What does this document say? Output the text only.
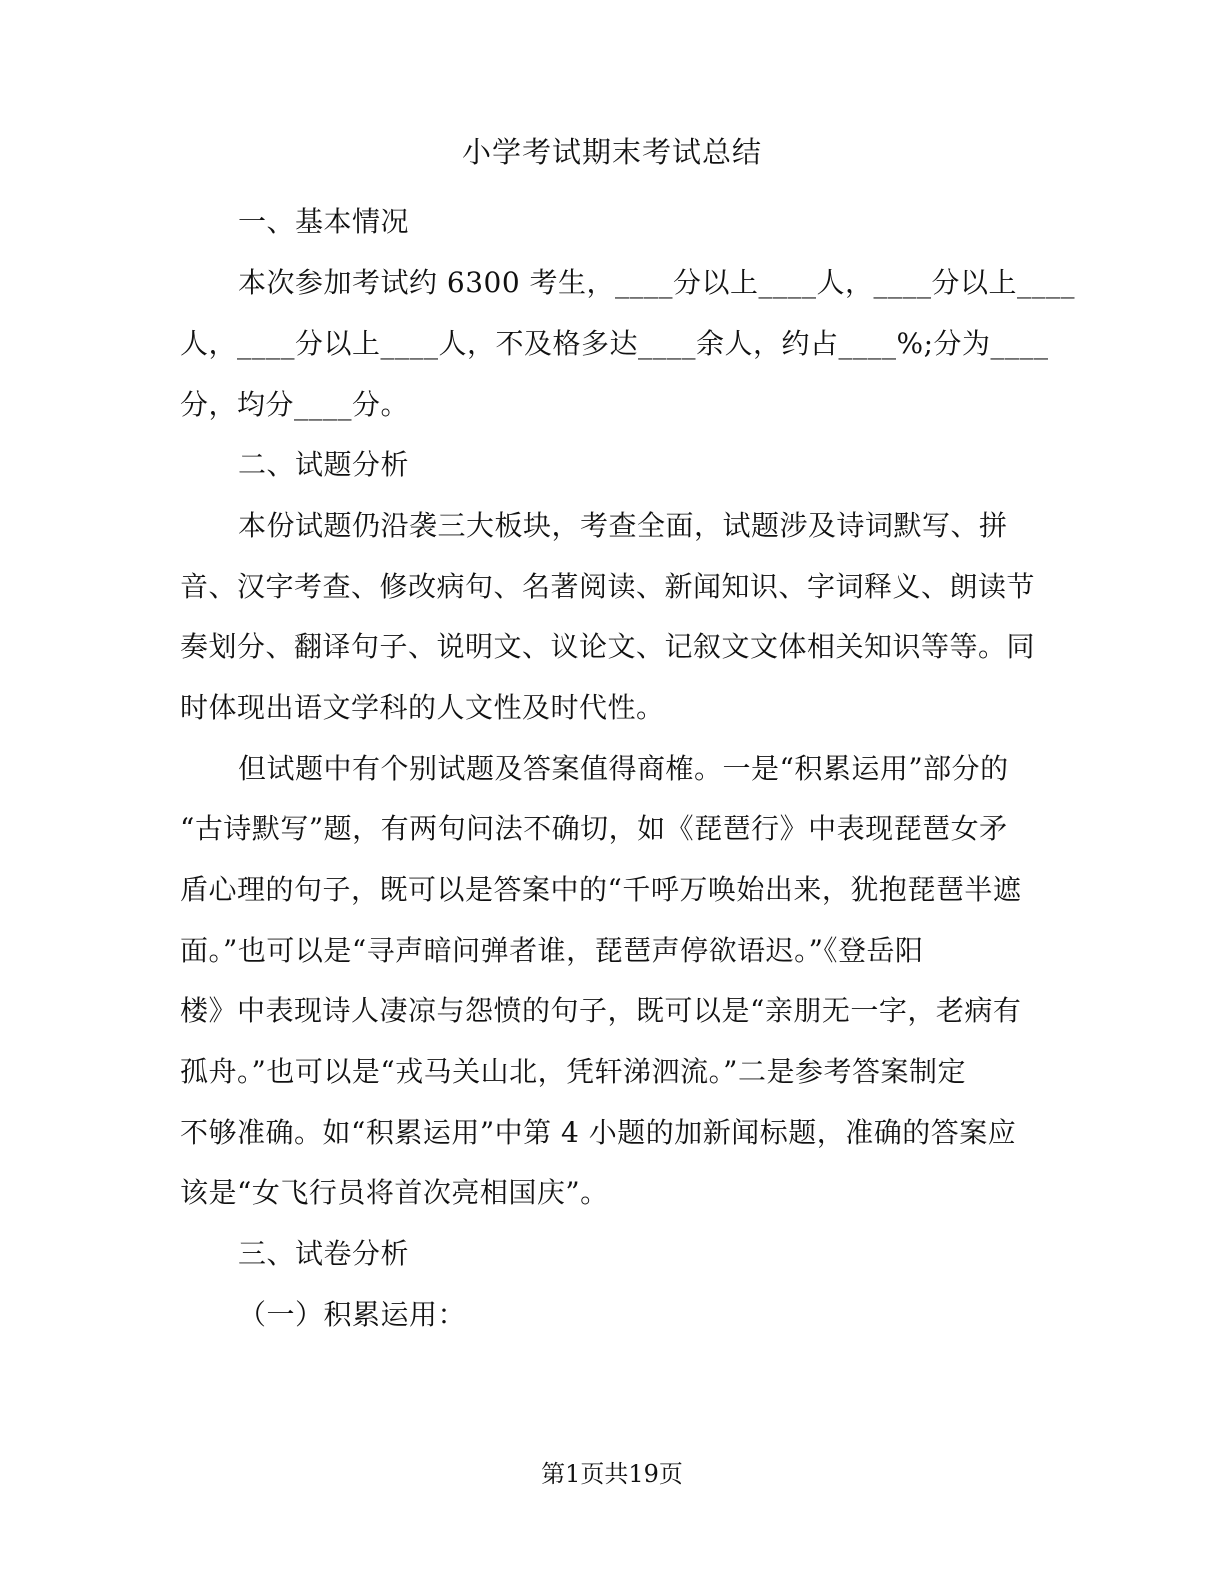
小学考试期末考试总结
一、基本情况
本次参加考试约 6300 考生，____分以上____人，____分以上____
人，____分以上____人，不及格多达____余人，约占____%;分为____
分，均分____分。
二、试题分析
本份试题仍沿袭三大板块，考查全面，试题涉及诗词默写、拼
音、汉字考查、修改病句、名著阅读、新闻知识、字词释义、朗读节
奏划分、翻译句子、说明文、议论文、记叙文文体相关知识等等。同
时体现出语文学科的人文性及时代性。
但试题中有个别试题及答案值得商榷。一是“积累运用”部分的
“古诗默写”题，有两句问法不确切，如《琵琶行》中表现琵琶女矛
盾心理的句子，既可以是答案中的“千呼万唤始出来，犹抱琵琶半遮
面。”也可以是“寻声暗问弹者谁，琵琶声停欲语迟。”《登岳阳
楼》中表现诗人凄凉与怨愤的句子，既可以是“亲朋无一字，老病有
孤舟。”也可以是“戎马关山北，凭轩涕泗流。”二是参考答案制定
不够准确。如“积累运用”中第 4 小题的加新闻标题，准确的答案应
该是“女飞行员将首次亮相国庆”。
三、试卷分析
（一）积累运用：
第1页共19页
